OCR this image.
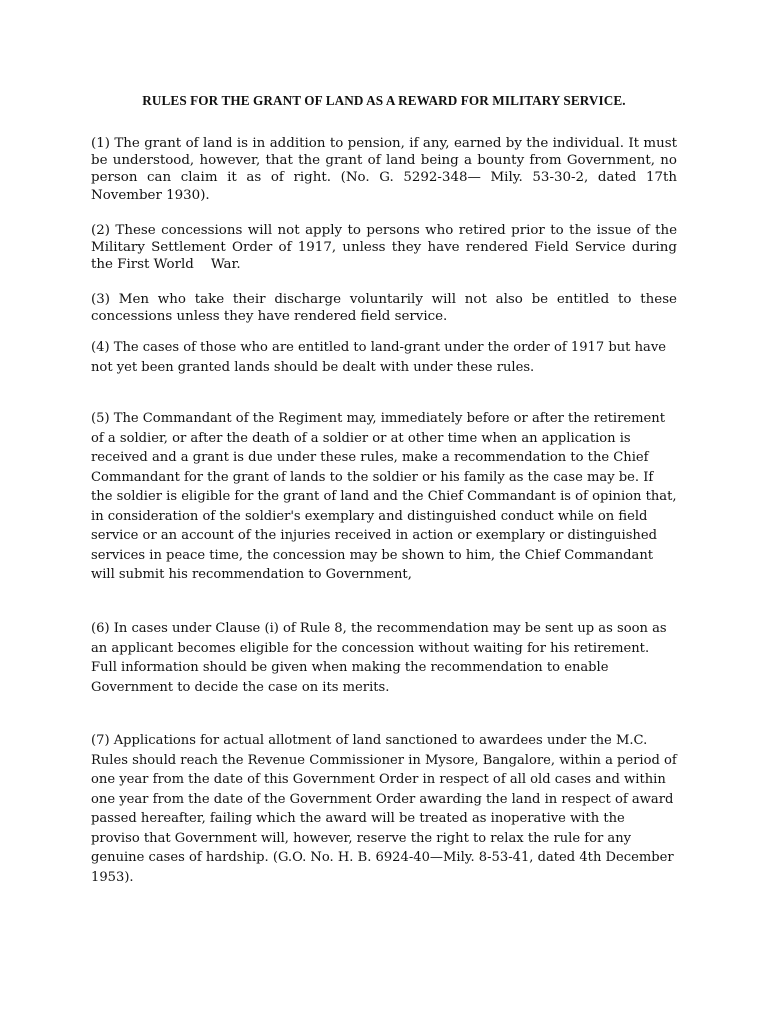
RULES FOR THE GRANT OF LAND AS A REWARD FOR MILITARY SERVICE.

(1) The grant of land is in addition to pension, if any, earned by the individual. It must be understood, however, that the grant of land being a bounty from Government, no person can claim it as of right. (No. G. 5292-348— Mily. 53-30-2, dated 17th November 1930).

(2) These concessions will not apply to persons who retired prior to the issue of the Military Settlement Order of 1917, unless they have rendered Field Service during the First World    War.

(3) Men who take their discharge voluntarily will not also be entitled to these concessions unless they have rendered field service.

(4) The cases of those who are entitled to land-grant under the order of 1917 but have not yet been granted lands should be dealt with under these rules.

(5) The Commandant of the Regiment may, immediately before or after the retirement of a soldier, or after the death of a soldier or at other time when an application is received and a grant is due under these rules, make a recommendation to the Chief Commandant for the grant of lands to the soldier or his family as the case may be. If the soldier is eligible for the grant of land and the Chief Commandant is of opinion that, in consideration of the soldier's exemplary and distinguished conduct while on field service or an account of the injuries received in action or exemplary or distinguished services in peace time, the concession may be shown to him, the Chief Commandant will submit his recommendation to Government,

(6) In cases under Clause (i) of Rule 8, the recommendation may be sent up as soon as an applicant becomes eligible for the concession without waiting for his retirement. Full information should be given when making the recommendation to enable Government to decide the case on its merits.

(7) Applications for actual allotment of land sanctioned to awardees under the M.C. Rules should reach the Revenue Commissioner in Mysore, Bangalore, within a period of one year from the date of this Government Order in respect of all old cases and within one year from the date of the Government Order awarding the land in respect of award passed hereafter, failing which the award will be treated as inoperative with the proviso that Government will, however, reserve the right to relax the rule for any genuine cases of hardship. (G.O. No. H. B. 6924-40—Mily. 8-53-41, dated 4th December 1953).
